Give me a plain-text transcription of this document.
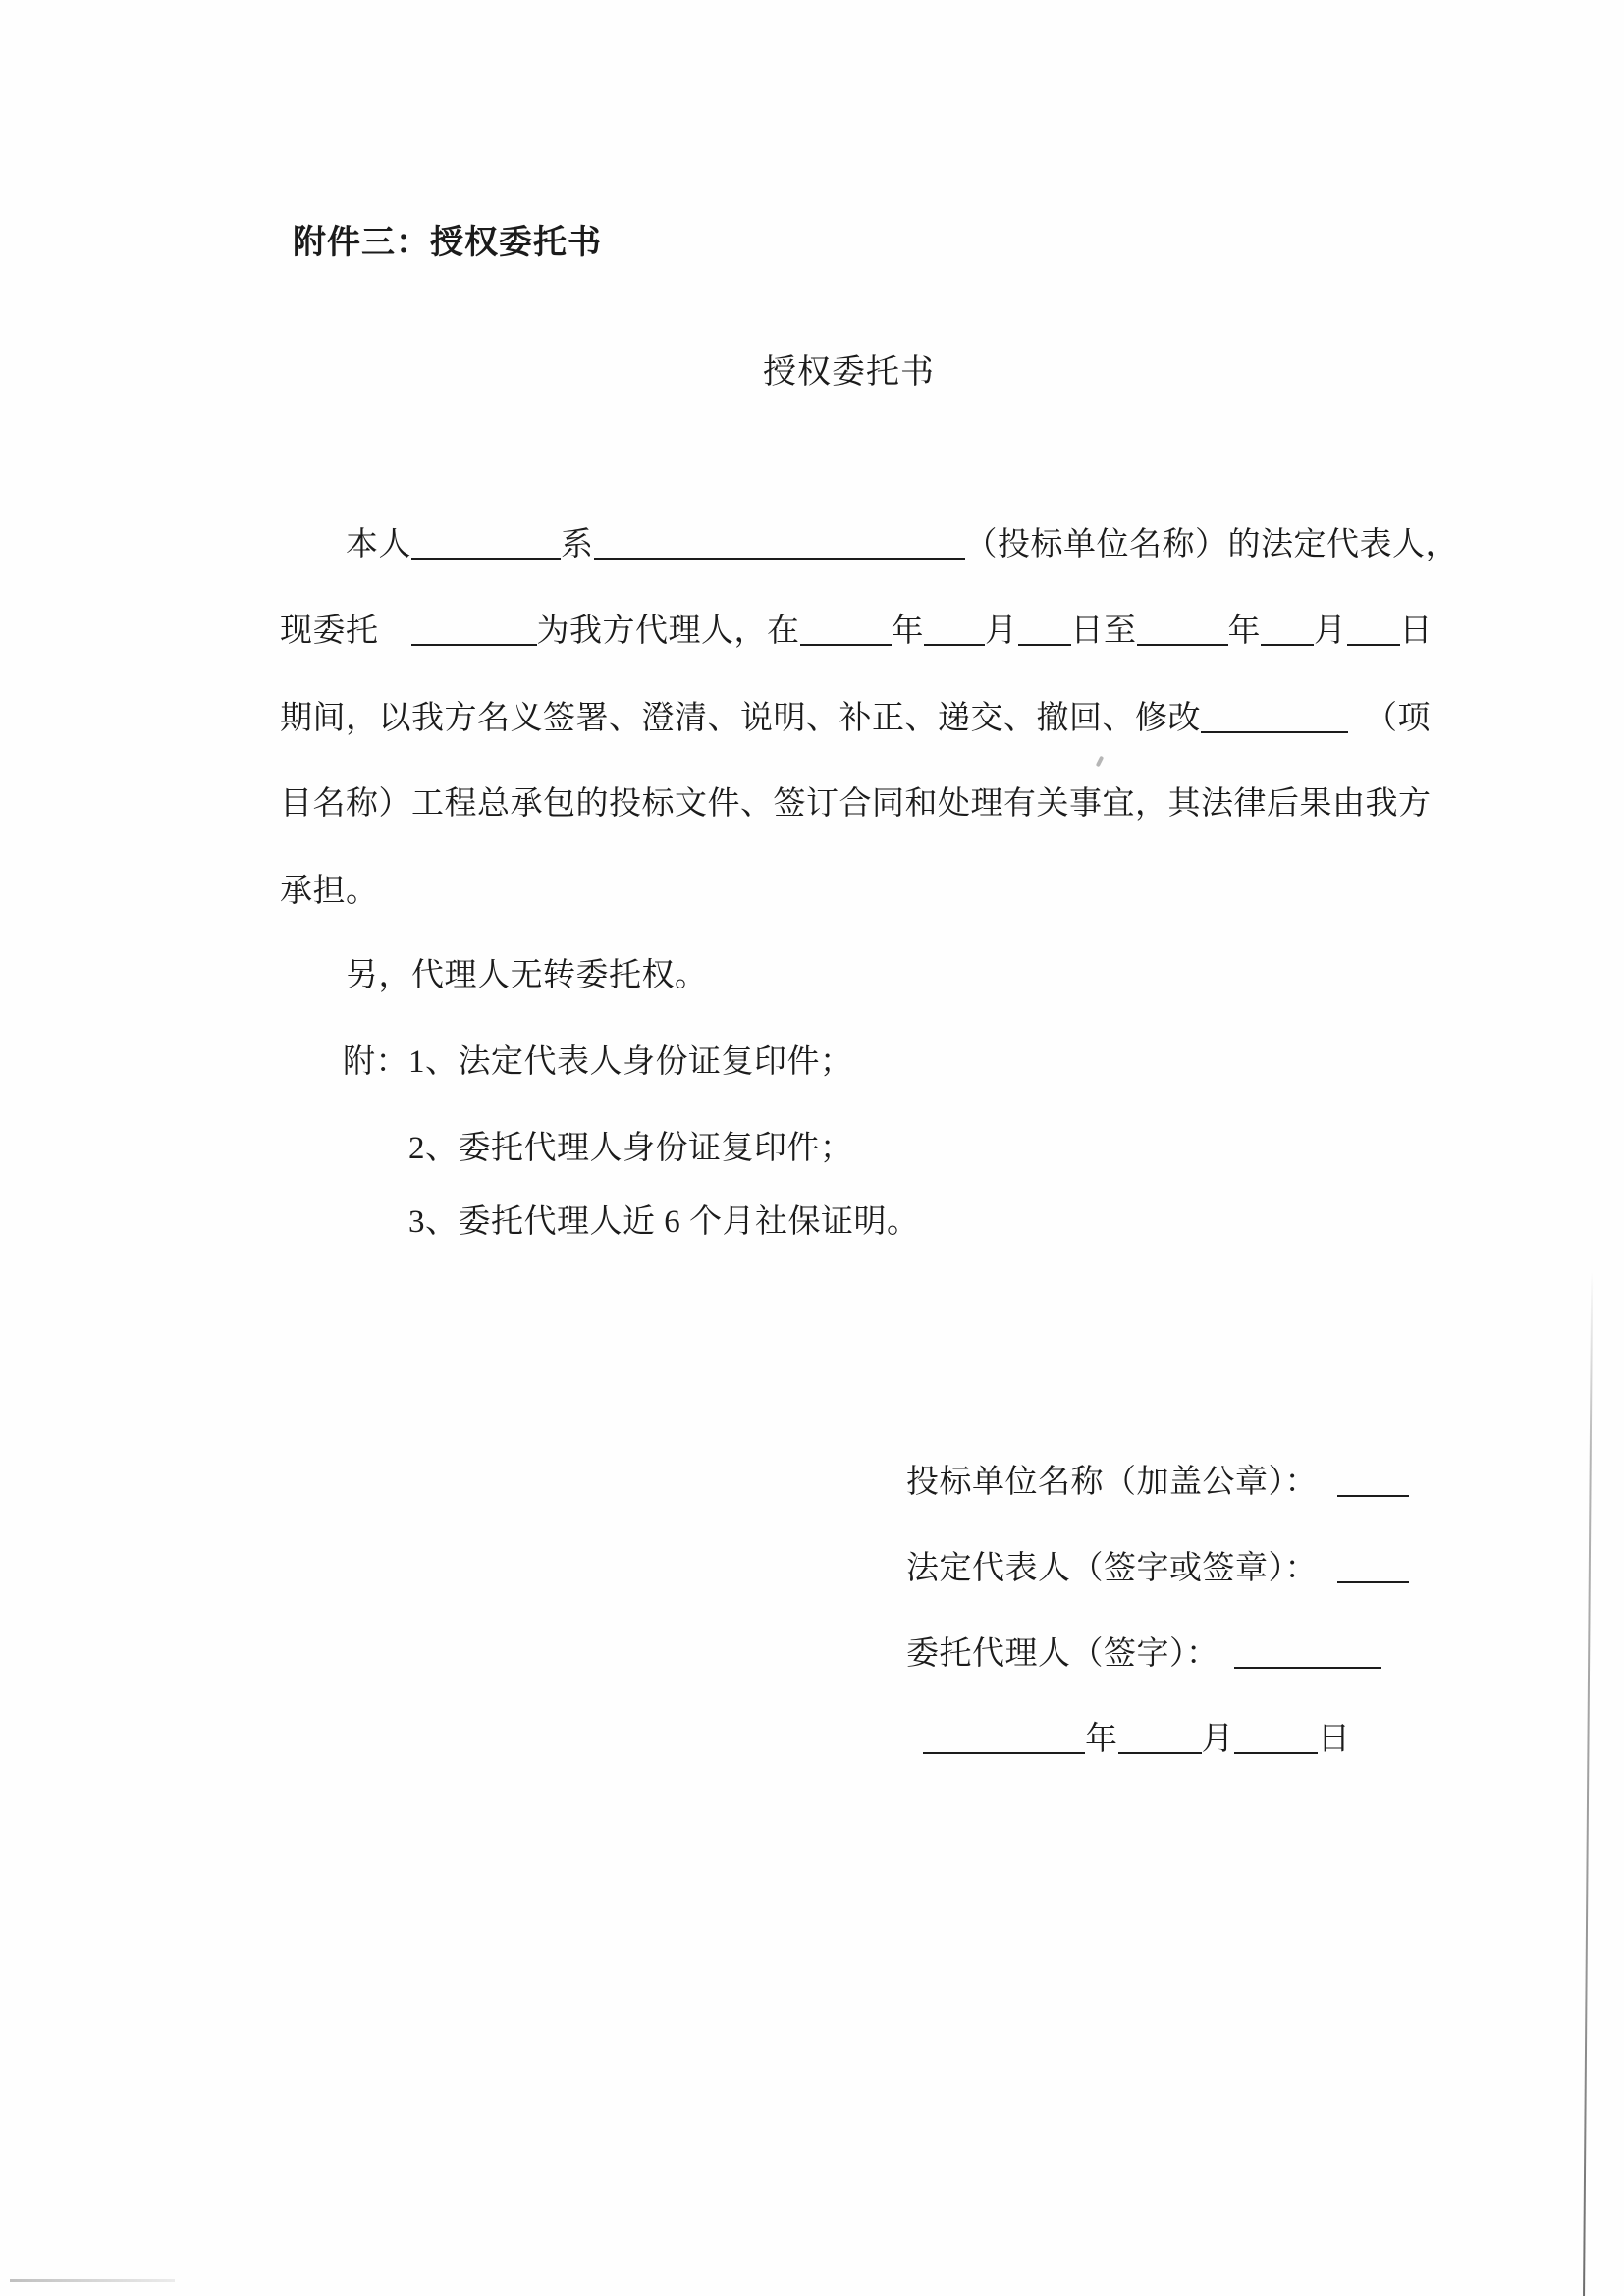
附件三：授权委托书
授权委托书
本人	系	（投标单位名称）的法定代表人，
现委托	为我方代理人，在	年 月 日至	年 月 日
期间，以我方名义签署、澄清、说明、补正、递交、撤回、修改	（项
目名称）工程总承包的投标文件、签订合同和处理有关事宜，其法律后果由我方
承担。
另，代理人无转委托权。
附：1、法定代表人身份证复印件；
2、委托代理人身份证复印件；
3、委托代理人近 6 个月社保证明。
投标单位名称（加盖公章）：
法定代表人（签字或签章）：
委托代理人（签字）：
年	月	日
